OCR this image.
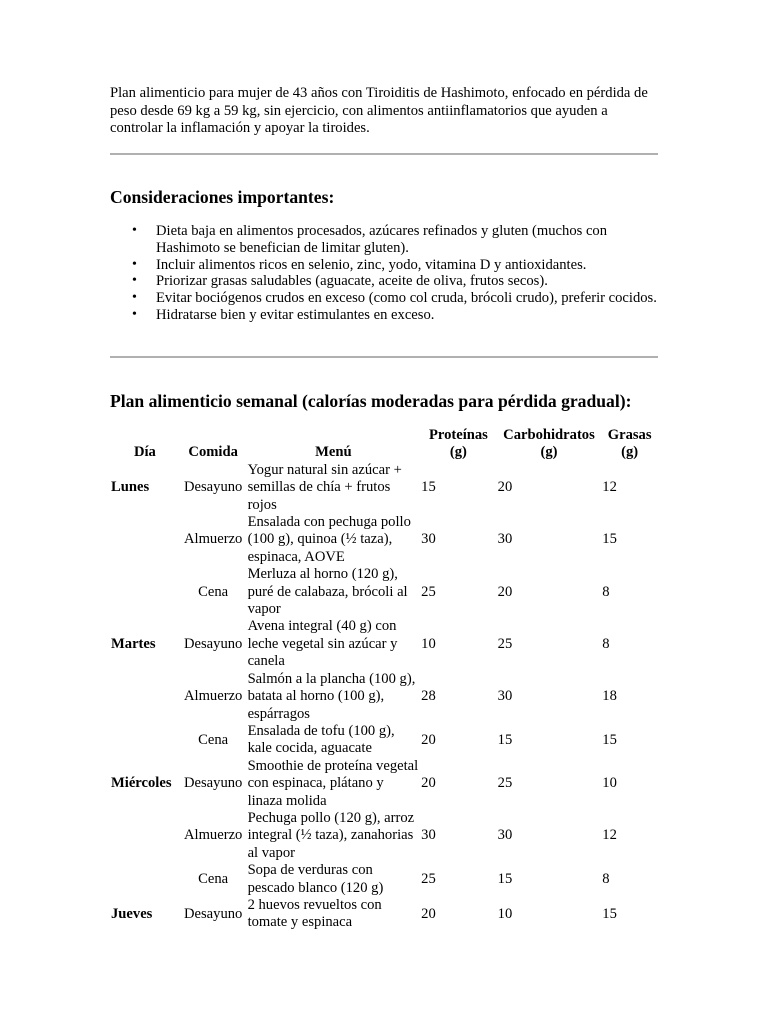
Plan alimenticio para mujer de 43 años con Tiroiditis de Hashimoto, enfocado en pérdida de peso desde 69 kg a 59 kg, sin ejercicio, con alimentos antiinflamatorios que ayuden a controlar la inflamación y apoyar la tiroides.

Consideraciones importantes:
• Dieta baja en alimentos procesados, azúcares refinados y gluten (muchos con Hashimoto se benefician de limitar gluten).
• Incluir alimentos ricos en selenio, zinc, yodo, vitamina D y antioxidantes.
• Priorizar grasas saludables (aguacate, aceite de oliva, frutos secos).
• Evitar bociógenos crudos en exceso (como col cruda, brócoli crudo), preferir cocidos.
• Hidratarse bien y evitar estimulantes en exceso.
Plan alimenticio semanal (calorías moderadas para pérdida gradual):
Día	Comida	Menú	Proteínas (g)	Carbohidratos (g)	Grasas (g)
Lunes	Desayuno	Yogur natural sin azúcar + semillas de chía + frutos rojos	15	20	12
	Almuerzo	Ensalada con pechuga pollo (100 g), quinoa (½ taza), espinaca, AOVE	30	30	15
	Cena	Merluza al horno (120 g), puré de calabaza, brócoli al vapor	25	20	8
Martes	Desayuno	Avena integral (40 g) con leche vegetal sin azúcar y canela	10	25	8
	Almuerzo	Salmón a la plancha (100 g), batata al horno (100 g), espárragos	28	30	18
	Cena	Ensalada de tofu (100 g), kale cocida, aguacate	20	15	15
Miércoles	Desayuno	Smoothie de proteína vegetal con espinaca, plátano y linaza molida	20	25	10
	Almuerzo	Pechuga pollo (120 g), arroz integral (½ taza), zanahorias al vapor	30	30	12
	Cena	Sopa de verduras con pescado blanco (120 g)	25	15	8
Jueves	Desayuno	2 huevos revueltos con tomate y espinaca	20	10	15
